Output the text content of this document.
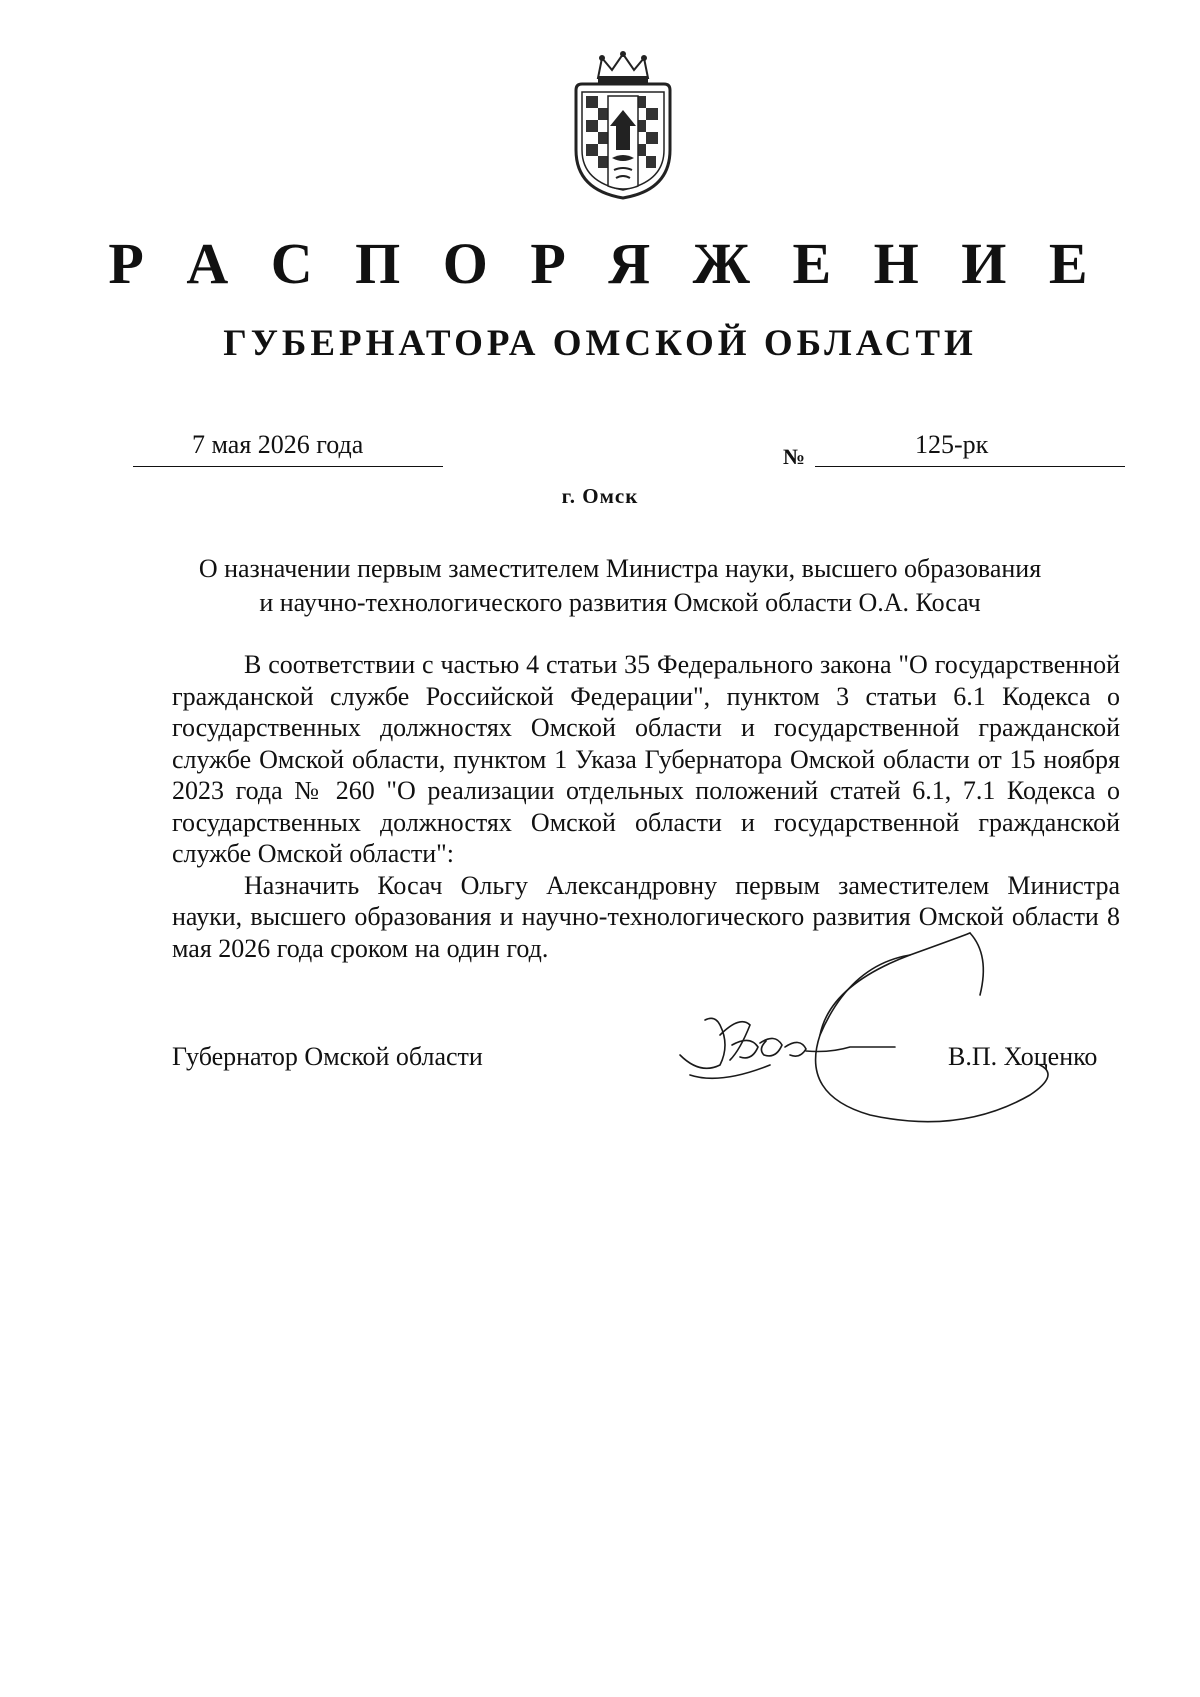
Р А С П О Р Я Ж Е Н И Е
ГУБЕРНАТОРА ОМСКОЙ ОБЛАСТИ
7 мая 2026 года	№	125-рк
г. Омск
О назначении первым заместителем Министра науки, высшего образования
и научно-технологического развития Омской области О.А. Косач

В соответствии с частью 4 статьи 35 Федерального закона "О государственной гражданской службе Российской Федерации", пунктом 3 статьи 6.1 Кодекса о государственных должностях Омской области и государственной гражданской службе Омской области, пунктом 1 Указа Губернатора Омской области от 15 ноября 2023 года № 260 "О реализации отдельных положений статей 6.1, 7.1 Кодекса о государственных должностях Омской области и государственной гражданской службе Омской области":

Назначить Косач Ольгу Александровну первым заместителем Министра науки, высшего образования и научно-технологического развития Омской области 8 мая 2026 года сроком на один год.

Губернатор Омской области	В.П. Хоценко
